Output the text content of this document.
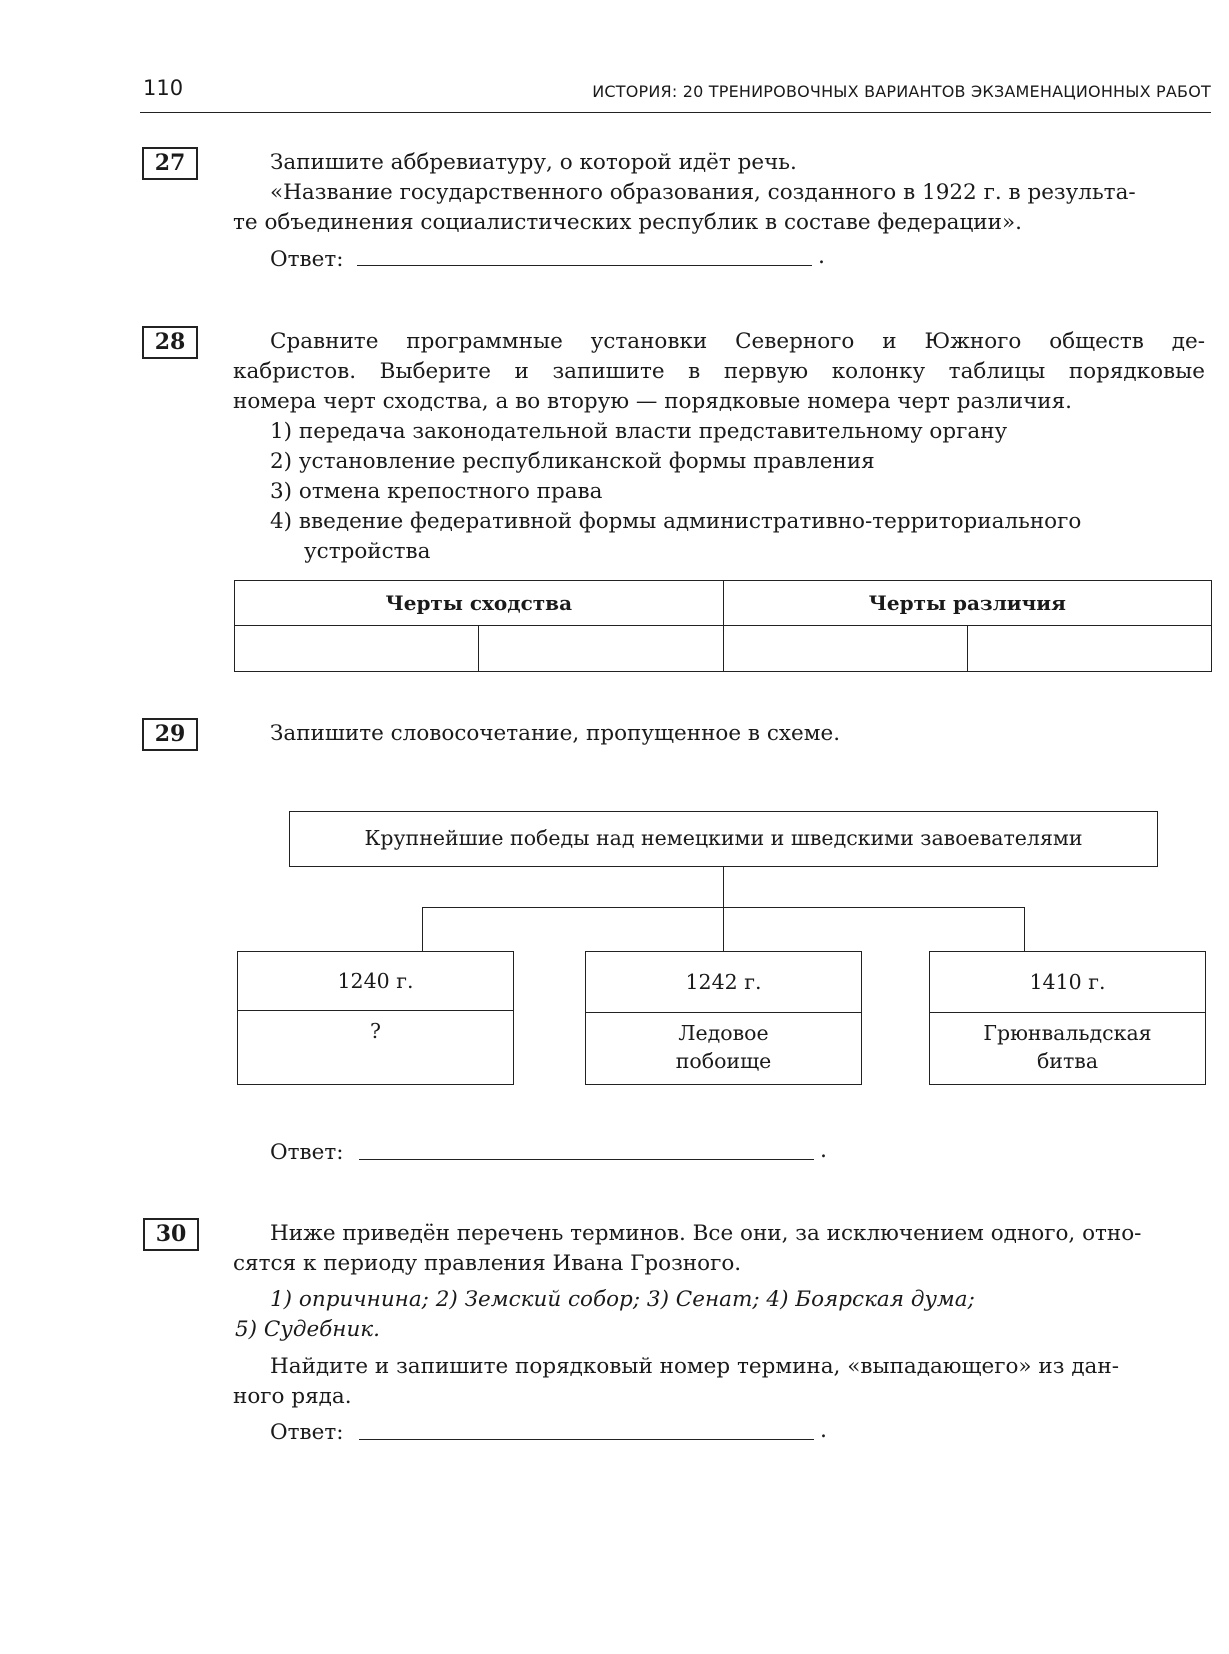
110	ИСТОРИЯ: 20 ТРЕНИРОВОЧНЫХ ВАРИАНТОВ ЭКЗАМЕНАЦИОННЫХ РАБОТ
27	Запишите аббревиатуру, о которой идёт речь.
«Название государственного образования, созданного в 1922 г. в результа-
те объединения социалистических республик в составе федерации».
Ответ:	.
28	Сравните программные установки Северного и Южного обществ де-
кабристов. Выберите и запишите в первую колонку таблицы порядковые
номера черт сходства, а во вторую — порядковые номера черт различия.
1) передача законодательной власти представительному органу
2) установление республиканской формы правления
3) отмена крепостного права
4) введение федеративной формы административно-территориального
устройства
Черты сходства		Черты различия	

29	Запишите словосочетание, пропущенное в схеме.
Крупнейшие победы над немецкими и шведскими завоевателями
1240 г.
?
1242 г.
Ледовое
побоище
1410 г.
Грюнвальдская
битва
Ответ:	.
30	Ниже приведён перечень терминов. Все они, за исключением одного, отно-
сятся к периоду правления Ивана Грозного.
1) опричнина; 2) Земский собор; 3) Сенат; 4) Боярская дума;
5) Судебник.
Найдите и запишите порядковый номер термина, «выпадающего» из дан-
ного ряда.
Ответ:	.
